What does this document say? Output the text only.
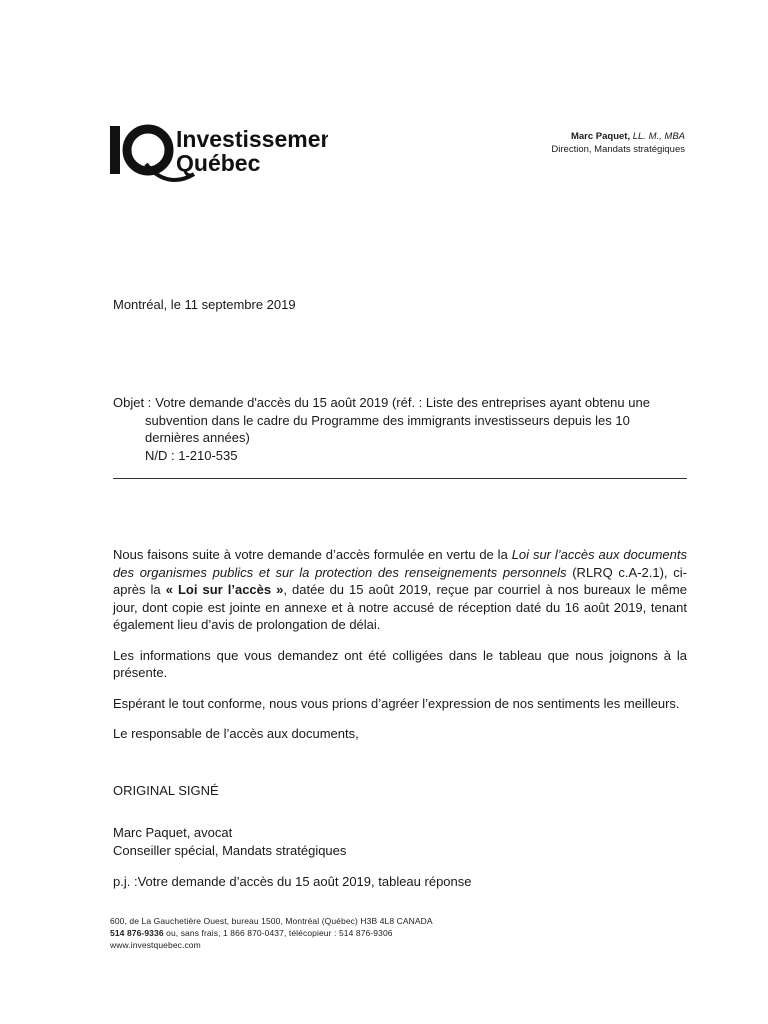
Investissement
Québec
Marc Paquet, LL. M., MBA
Direction, Mandats stratégiques
Montréal, le 11 septembre 2019
Objet : Votre demande d'accès du 15 août 2019 (réf. : Liste des entreprises ayant obtenu une
subvention dans le cadre du Programme des immigrants investisseurs depuis les 10
dernières années)
N/D : 1-210-535

Nous faisons suite à votre demande d’accès formulée en vertu de la Loi sur l’accès aux documents des organismes publics et sur la protection des renseignements personnels (RLRQ c.A-2.1), ci-après la « Loi sur l’accès », datée du 15 août 2019, reçue par courriel à nos bureaux le même jour, dont copie est jointe en annexe et à notre accusé de réception daté du 16 août 2019, tenant également lieu d’avis de prolongation de délai.

Les informations que vous demandez ont été colligées dans le tableau que nous joignons à la présente.

Espérant le tout conforme, nous vous prions d’agréer l’expression de nos sentiments les meilleurs.

Le responsable de l’accès aux documents,

ORIGINAL SIGNÉ
Marc Paquet, avocat
Conseiller spécial, Mandats stratégiques
p.j. :Votre demande d’accès du 15 août 2019, tableau réponse
600, de La Gauchetière Ouest, bureau 1500, Montréal (Québec) H3B 4L8 CANADA
514 876-9336 ou, sans frais, 1 866 870-0437, télécopieur : 514 876-9306
www.investquebec.com
